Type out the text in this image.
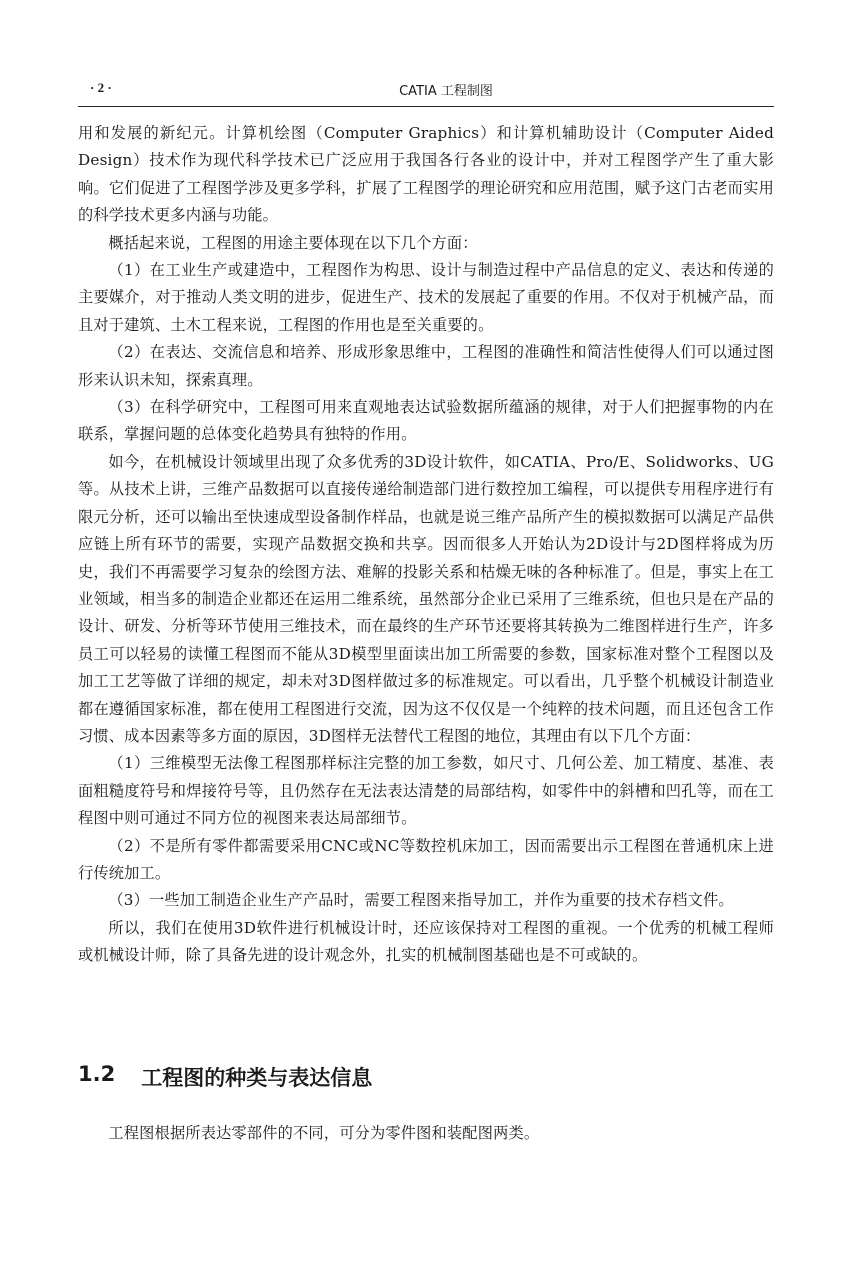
· 2 ·	CATIA 工程制图

用和发展的新纪元。计算机绘图（Computer Graphics）和计算机辅助设计（Computer Aided Design）技术作为现代科学技术已广泛应用于我国各行各业的设计中，并对工程图学产生了重大影响。它们促进了工程图学涉及更多学科，扩展了工程图学的理论研究和应用范围，赋予这门古老而实用的科学技术更多内涵与功能。

概括起来说，工程图的用途主要体现在以下几个方面：

（1）在工业生产或建造中，工程图作为构思、设计与制造过程中产品信息的定义、表达和传递的主要媒介，对于推动人类文明的进步，促进生产、技术的发展起了重要的作用。不仅对于机械产品，而且对于建筑、土木工程来说，工程图的作用也是至关重要的。

（2）在表达、交流信息和培养、形成形象思维中，工程图的准确性和简洁性使得人们可以通过图形来认识未知，探索真理。

（3）在科学研究中，工程图可用来直观地表达试验数据所蕴涵的规律，对于人们把握事物的内在联系，掌握问题的总体变化趋势具有独特的作用。

如今，在机械设计领域里出现了众多优秀的3D设计软件，如CATIA、Pro/E、Solidworks、UG等。从技术上讲，三维产品数据可以直接传递给制造部门进行数控加工编程，可以提供专用程序进行有限元分析，还可以输出至快速成型设备制作样品，也就是说三维产品所产生的模拟数据可以满足产品供应链上所有环节的需要，实现产品数据交换和共享。因而很多人开始认为2D设计与2D图样将成为历史，我们不再需要学习复杂的绘图方法、难解的投影关系和枯燥无味的各种标准了。但是，事实上在工业领域，相当多的制造企业都还在运用二维系统，虽然部分企业已采用了三维系统，但也只是在产品的设计、研发、分析等环节使用三维技术，而在最终的生产环节还要将其转换为二维图样进行生产，许多员工可以轻易的读懂工程图而不能从3D模型里面读出加工所需要的参数，国家标准对整个工程图以及加工工艺等做了详细的规定，却未对3D图样做过多的标准规定。可以看出，几乎整个机械设计制造业都在遵循国家标准，都在使用工程图进行交流，因为这不仅仅是一个纯粹的技术问题，而且还包含工作习惯、成本因素等多方面的原因，3D图样无法替代工程图的地位，其理由有以下几个方面：

（1）三维模型无法像工程图那样标注完整的加工参数，如尺寸、几何公差、加工精度、基准、表面粗糙度符号和焊接符号等，且仍然存在无法表达清楚的局部结构，如零件中的斜槽和凹孔等，而在工程图中则可通过不同方位的视图来表达局部细节。

（2）不是所有零件都需要采用CNC或NC等数控机床加工，因而需要出示工程图在普通机床上进行传统加工。

（3）一些加工制造企业生产产品时，需要工程图来指导加工，并作为重要的技术存档文件。

所以，我们在使用3D软件进行机械设计时，还应该保持对工程图的重视。一个优秀的机械工程师或机械设计师，除了具备先进的设计观念外，扎实的机械制图基础也是不可或缺的。

1.2 工程图的种类与表达信息

工程图根据所表达零部件的不同，可分为零件图和装配图两类。
